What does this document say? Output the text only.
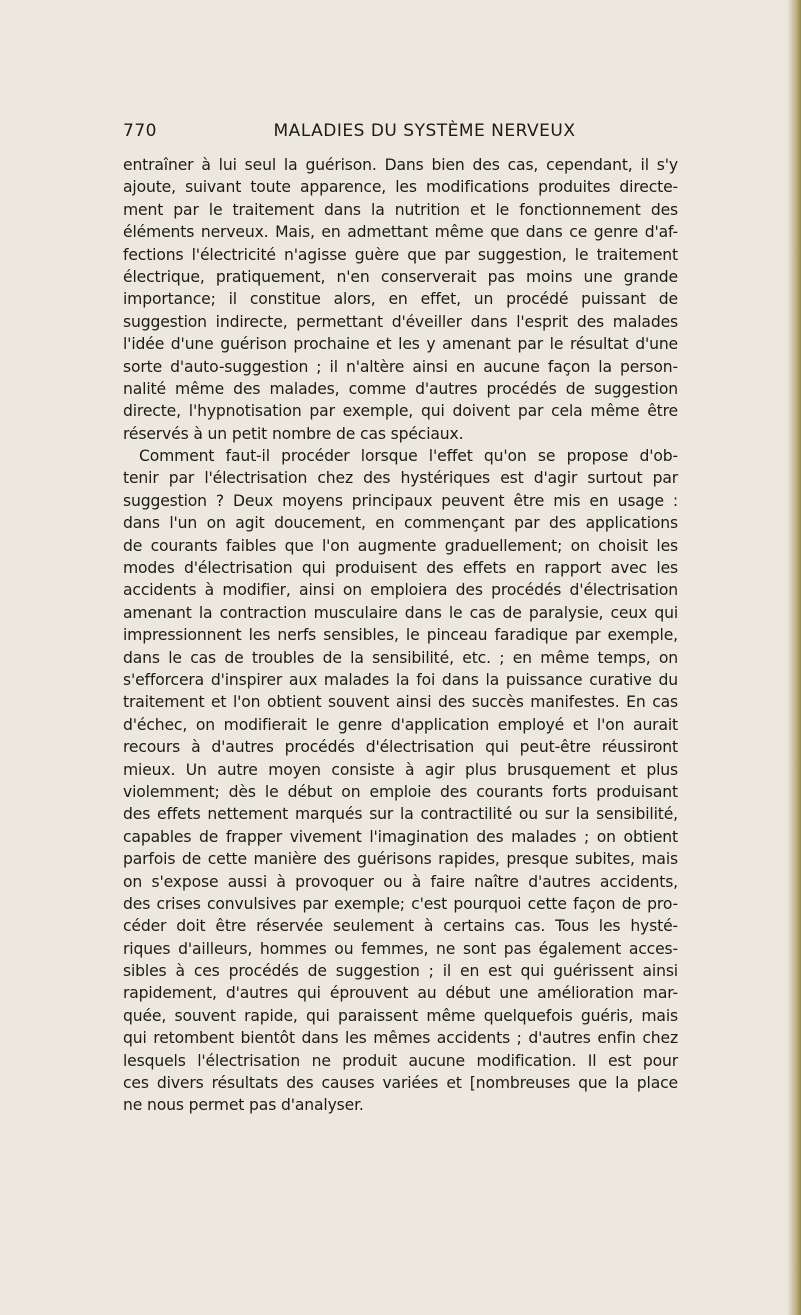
770	MALADIES DU SYSTÈME NERVEUX
entraîner à lui seul la guérison. Dans bien des cas, cependant, il s'y
ajoute, suivant toute apparence, les modifications produites directe-
ment par le traitement dans la nutrition et le fonctionnement des
éléments nerveux. Mais, en admettant même que dans ce genre d'af-
fections l'électricité n'agisse guère que par suggestion, le traitement
électrique, pratiquement, n'en conserverait pas moins une grande
importance; il constitue alors, en effet, un procédé puissant de
suggestion indirecte, permettant d'éveiller dans l'esprit des malades
l'idée d'une guérison prochaine et les y amenant par le résultat d'une
sorte d'auto-suggestion ; il n'altère ainsi en aucune façon la person-
nalité même des malades, comme d'autres procédés de suggestion
directe, l'hypnotisation par exemple, qui doivent par cela même être
réservés à un petit nombre de cas spéciaux.
Comment faut-il procéder lorsque l'effet qu'on se propose d'ob-
tenir par l'électrisation chez des hystériques est d'agir surtout par
suggestion ? Deux moyens principaux peuvent être mis en usage :
dans l'un on agit doucement, en commençant par des applications
de courants faibles que l'on augmente graduellement; on choisit les
modes d'électrisation qui produisent des effets en rapport avec les
accidents à modifier, ainsi on emploiera des procédés d'électrisation
amenant la contraction musculaire dans le cas de paralysie, ceux qui
impressionnent les nerfs sensibles, le pinceau faradique par exemple,
dans le cas de troubles de la sensibilité, etc. ; en même temps, on
s'efforcera d'inspirer aux malades la foi dans la puissance curative du
traitement et l'on obtient souvent ainsi des succès manifestes. En cas
d'échec, on modifierait le genre d'application employé et l'on aurait
recours à d'autres procédés d'électrisation qui peut-être réussiront
mieux. Un autre moyen consiste à agir plus brusquement et plus
violemment; dès le début on emploie des courants forts produisant
des effets nettement marqués sur la contractilité ou sur la sensibilité,
capables de frapper vivement l'imagination des malades ; on obtient
parfois de cette manière des guérisons rapides, presque subites, mais
on s'expose aussi à provoquer ou à faire naître d'autres accidents,
des crises convulsives par exemple; c'est pourquoi cette façon de pro-
céder doit être réservée seulement à certains cas. Tous les hysté-
riques d'ailleurs, hommes ou femmes, ne sont pas également acces-
sibles à ces procédés de suggestion ; il en est qui guérissent ainsi
rapidement, d'autres qui éprouvent au début une amélioration mar-
quée, souvent rapide, qui paraissent même quelquefois guéris, mais
qui retombent bientôt dans les mêmes accidents ; d'autres enfin chez
lesquels l'électrisation ne produit aucune modification. Il est pour
ces divers résultats des causes variées et [nombreuses que la place
ne nous permet pas d'analyser.
